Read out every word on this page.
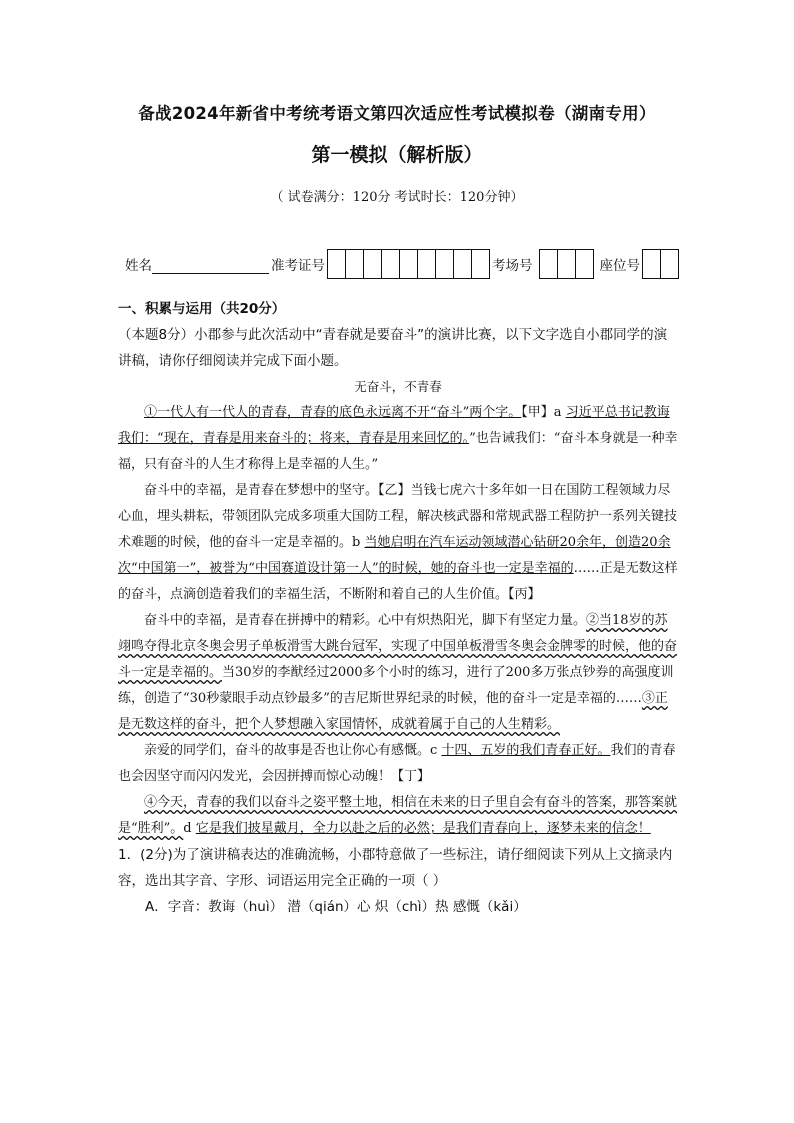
备战2024年新省中考统考语文第四次适应性考试模拟卷（湖南专用）
第一模拟（解析版）
（ 试卷满分：120分 考试时长：120分钟）
姓名	准考证号	考场号	座位号

一、积累与运用（共20分）

（本题8分）小郡参与此次活动中“青春就是要奋斗”的演讲比赛，以下文字选自小郡同学的演讲稿，请你仔细阅读并完成下面小题。

无奋斗，不青春

①一代人有一代人的青春，青春的底色永远离不开“奋斗”两个字。【甲】a 习近平总书记教诲我们：“现在，青春是用来奋斗的；将来，青春是用来回忆的。”也告诫我们：“奋斗本身就是一种幸福，只有奋斗的人生才称得上是幸福的人生。”

奋斗中的幸福，是青春在梦想中的坚守。【乙】当钱七虎六十多年如一日在国防工程领域力尽心血，埋头耕耘，带领团队完成多项重大国防工程，解决核武器和常规武器工程防护一系列关键技术难题的时候，他的奋斗一定是幸福的。b 当她启明在汽车运动领域潜心钻研20余年，创造20余次“中国第一”，被誉为“中国赛道设计第一人”的时候，她的奋斗也一定是幸福的……正是无数这样的奋斗，点滴创造着我们的幸福生活，不断附和着自己的人生价值。【丙】

奋斗中的幸福，是青春在拼搏中的精彩。心中有炽热阳光，脚下有坚定力量。②当18岁的苏翊鸣夺得北京冬奥会男子单板滑雪大跳台冠军，实现了中国单板滑雪冬奥会金牌零的时候，他的奋斗一定是幸福的。当30岁的李猷经过2000多个小时的练习，进行了200多万张点钞券的高强度训练，创造了“30秒蒙眼手动点钞最多”的吉尼斯世界纪录的时候，他的奋斗一定是幸福的……③正是无数这样的奋斗，把个人梦想融入家国情怀，成就着属于自己的人生精彩。

亲爱的同学们，奋斗的故事是否也让你心有感慨。c 十四、五岁的我们青春正好。我们的青春也会因坚守而闪闪发光，会因拼搏而惊心动魄！【丁】

④今天，青春的我们以奋斗之姿平整土地，相信在未来的日子里自会有奋斗的答案，那答案就是“胜利”。d 它是我们披星戴月，全力以赴之后的必然；是我们青春向上，逐梦未来的信念！

1．(2分)为了演讲稿表达的准确流畅，小郡特意做了一些标注，请仔细阅读下列从上文摘录内容，选出其字音、字形、词语运用完全正确的一项（ ）

A．字音：教诲（huì） 潜（qián）心 炽（chì）热 感慨（kǎi）
